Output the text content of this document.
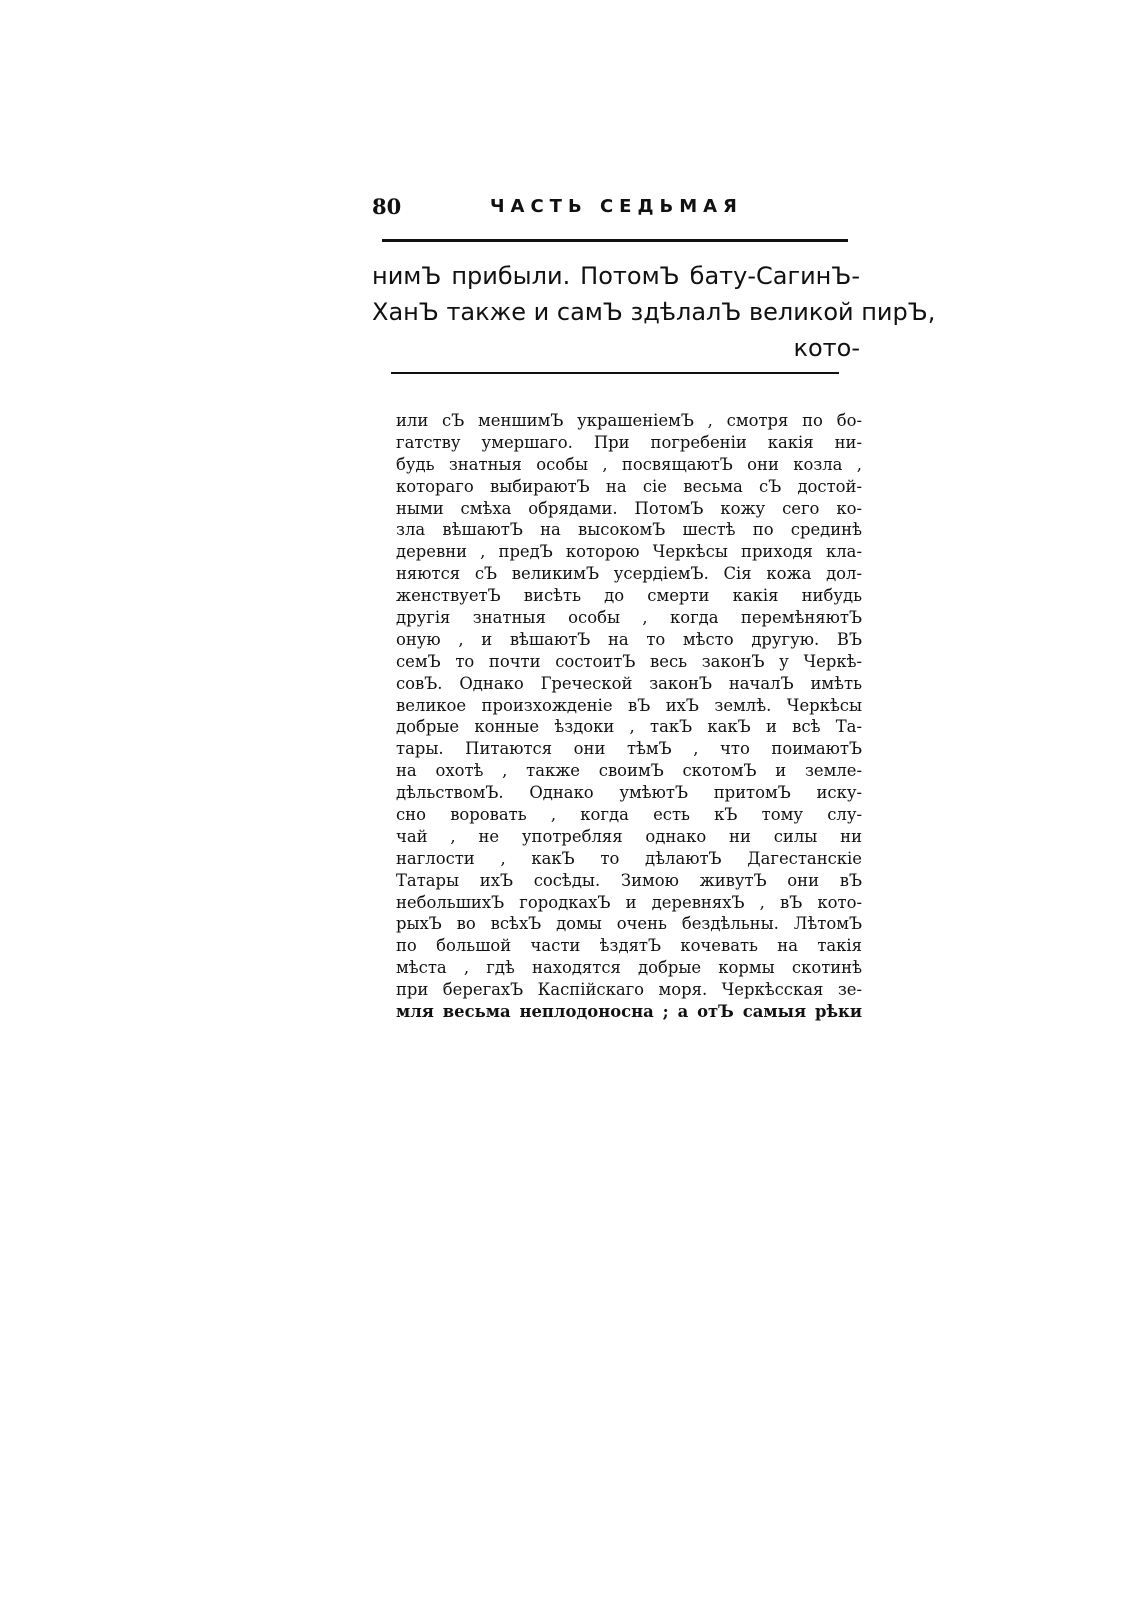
80	ЧАСТЬ СЕДЬМАЯ
нимЪ прибыли. ПотомЪ бату-СагинЪ-
ХанЪ также и самЪ здѣлалЪ великой пирЪ,
кото-
или сЪ меншимЪ украшенiемЪ , смотря по бо-
гатству умершаго. При погребенiи какiя ни-
будь знатныя особы , посвящаютЪ они козла ,
котораго выбираютЪ на сiе весьма сЪ достой-
ными смѣха обрядами. ПотомЪ кожу сего ко-
зла вѣшаютЪ на высокомЪ шестѣ по срединѣ
деревни , предЪ которою Черкѣсы приходя кла-
няются сЪ великимЪ усердiемЪ. Сiя кожа дол-
женствуетЪ висѣть до смерти какiя нибудь
другiя знатныя особы , когда перемѣняютЪ
оную , и вѣшаютЪ на то мѣсто другую. ВЪ
семЪ то почти состоитЪ весь законЪ у Черкѣ-
совЪ. Однако Греческой законЪ началЪ имѣть
великое произхожденiе вЪ ихЪ землѣ. Черкѣсы
добрые конные ѣздоки , такЪ какЪ и всѣ Та-
тары. Питаются они тѣмЪ , что поимаютЪ
на охотѣ , также своимЪ скотомЪ и земле-
дѣльствомЪ. Однако умѣютЪ притомЪ иску-
сно воровать , когда есть кЪ тому слу-
чай , не употребляя однако ни силы ни
наглости , какЪ то дѣлаютЪ Дагестанскiе
Татары ихЪ сосѣды. Зимою живутЪ они вЪ
небольшихЪ городкахЪ и деревняхЪ , вЪ кото-
рыхЪ во всѣхЪ домы очень бездѣльны. ЛѣтомЪ
по большой части ѣздятЪ кочевать на такiя
мѣста , гдѣ находятся добрые кормы скотинѣ
при берегахЪ Каспiйскаго моря. Черкѣсская зе-
мля весьма неплодоносна ; а отЪ самыя рѣки
